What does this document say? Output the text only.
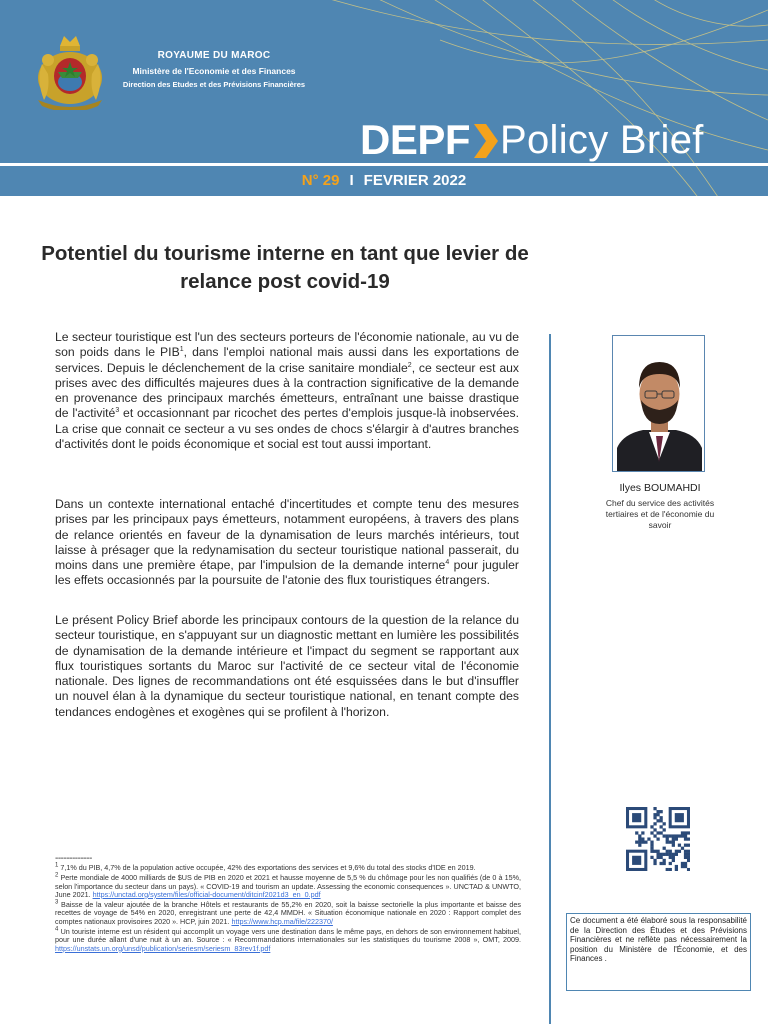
ROYAUME DU MAROC
Ministère de l'Economie et des Finances
Direction des Etudes et des Prévisions Financières
DEPF Policy Brief
N° 29 I FEVRIER 2022
Potentiel du tourisme interne en tant que levier de relance post covid-19

Le secteur touristique est l'un des secteurs porteurs de l'économie nationale, au vu de son poids dans le PIB$^1$, dans l'emploi national mais aussi dans les exportations de services. Depuis le déclenchement de la crise sanitaire mondiale$^2$, ce secteur est aux prises avec des difficultés majeures dues à la contraction significative de la demande en provenance des principaux marchés émetteurs, entraînant une baisse drastique de l'activité$^3$ et occasionnant par ricochet des pertes d'emplois jusque-là inobservées. La crise que connait ce secteur a vu ses ondes de chocs s'élargir à d'autres branches d'activités dont le poids économique et social est tout aussi important.

Dans un contexte international entaché d'incertitudes et compte tenu des mesures prises par les principaux pays émetteurs, notamment européens, à travers des plans de relance orientés en faveur de la dynamisation de leurs marchés intérieurs, tout laisse à présager que la redynamisation du secteur touristique national passerait, du moins dans une première étape, par l'impulsion de la demande interne$^4$ pour juguler les effets occasionnés par la poursuite de l'atonie des flux touristiques étrangers.

Le présent Policy Brief aborde les principaux contours de la question de la relance du secteur touristique, en s'appuyant sur un diagnostic mettant en lumière les possibilités de dynamisation de la demande intérieure et l'impact du segment se rapportant aux flux touristiques sortants du Maroc sur l'activité de ce secteur vital de l'économie nationale. Des lignes de recommandations ont été esquissées dans le but d'insuffler un nouvel élan à la dynamique du secteur touristique national, en tenant compte des tendances endogènes et exogènes qui se profilent à l'horizon.

-------------
$^1$ 7,1% du PIB, 4,7% de la population active occupée, 42% des exportations des services et 9,6% du total des stocks d'IDE en 2019.
$^2$ Perte mondiale de 4000 milliards de $US de PIB en 2020 et 2021 et hausse moyenne de 5,5 % du chômage pour les non qualifiés (de 0 à 15%, selon l'importance du secteur dans un pays). « COVID-19 and tourism an update. Assessing the economic consequences ». UNCTAD & UNWTO, June 2021. https://unctad.org/system/files/official-document/ditcinf2021d3_en_0.pdf
$^3$ Baisse de la valeur ajoutée de la branche Hôtels et restaurants de 55,2% en 2020, soit la baisse sectorielle la plus importante et baisse des recettes de voyage de 54% en 2020, enregistrant une perte de 42,4 MMDH. « Situation économique nationale en 2020 : Rapport complet des comptes nationaux provisoires 2020 ». HCP, juin 2021. https://www.hcp.ma/file/222370/
$^4$ Un touriste interne est un résident qui accomplit un voyage vers une destination dans le même pays, en dehors de son environnement habituel, pour une durée allant d'une nuit à un an. Source : « Recommandations internationales sur les statistiques du tourisme 2008 », OMT, 2009. https://unstats.un.org/unsd/publication/seriesm/seriesm_83rev1f.pdf
Ilyes BOUMAHDI
Chef du service des activités tertiaires et de l'économie du savoir
Ce document a été élaboré sous la responsabilité de la Direction des Études et des Prévisions Financières et ne reflète pas nécessairement la position du Ministère de l'Économie, et des Finances .
